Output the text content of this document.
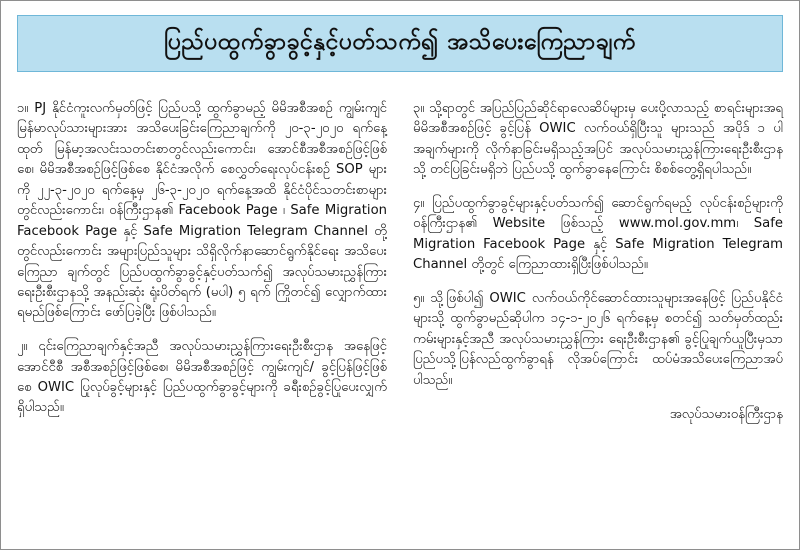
ပြည်ပထွက်ခွာခွင့်နှင့်ပတ်သက်၍ အသိပေးကြေညာချက်

၁။ PJ နိုင်ငံကူးလက်မှတ်ဖြင့် ပြည်ပသို့ ထွက်ခွာမည့် မိမိအစီအစဉ် ကျွမ်းကျင်မြန်မာလုပ်သားများအား အသိပေးခြင်းကြေညာချက်ကို ၂၀-၃-၂၀၂၀ ရက်နေ့ထုတ် မြန်မာ့အလင်းသတင်းစာတွင်လည်းကောင်း၊ အောင်စီအစီအစဉ်ဖြင့်ဖြစ်စေ၊ မိမိအစီအစဉ်ဖြင့်ဖြစ်စေ နိုင်ငံအလိုက် စေလွှတ်ရေးလုပ်ငန်းစဉ် SOP များကို ၂၂-၃-၂၀၂၀ ရက်နေ့မှ ၂၆-၃-၂၀၂၀ ရက်နေ့အထိ နိုင်ငံပိုင်သတင်းစာများတွင်လည်းကောင်း၊ ဝန်ကြီးဌာန၏ Facebook Page ၊ Safe Migration Facebook Page နှင့် Safe Migration Telegram Channel တို့တွင်လည်းကောင်း အများပြည်သူများ သိရှိလိုက်နာဆောင်ရွက်နိုင်ရေး အသိပေးကြေညာ ချက်တွင် ပြည်ပထွက်ခွာခွင့်နှင့်ပတ်သက်၍ အလုပ်သမားညွှန်ကြား ရေးဦးစီးဌာနသို့ အနည်းဆုံး ရုံးပိတ်ရက် (မပါ) ၅ ရက် ကြိုတင်၍ လျှောက်ထားရမည်ဖြစ်ကြောင်း ဖော်ပြခဲ့ပြီး ဖြစ်ပါသည်။

၂။ ၎င်းကြေညာချက်နှင့်အညီ အလုပ်သမားညွှန်ကြားရေးဦးစီးဌာန အနေဖြင့် အောင်ငီစီ အစီအစဉ်ဖြင့်ဖြစ်စေ၊ မိမိအစီအစဉ်ဖြင့် ကျွမ်းကျင်/ ခွင့်ပြန်ဖြင့်ဖြစ်စေ OWIC ပြုလုပ်ခွင့်များနှင့် ပြည်ပထွက်ခွာခွင့်များကို ခရီးစဉ်ခွင့်ပြုပေးလျှက်ရှိပါသည်။

၃။ သို့ရာတွင် အပြည်ပြည်ဆိုင်ရာလေဆိပ်များမှ ပေးပို့လာသည့် စာရင်းများအရ မိမိအစီအစဉ်ဖြင့် ခွင့်ပြန် OWIC လက်ဝယ်ရှိပြီးသူ များသည် အပိုဒ် ၁ ပါအချက်များကို လိုက်နာခြင်းမရှိသည့်အပြင် အလုပ်သမားညွှန်ကြားရေးဦးစီးဌာနသို့ တင်ပြခြင်းမရှိဘဲ ပြည်ပသို့ ထွက်ခွာနေကြောင်း စိစစ်တွေ့ရှိရပါသည်။

၄။ ပြည်ပထွက်ခွာခွင့်များနှင့်ပတ်သက်၍ ဆောင်ရွက်ရမည့် လုပ်ငန်းစဉ်များကို ဝန်ကြီးဌာန၏ Website ဖြစ်သည့် www.mol.gov.mm၊ Safe Migration Facebook Page နှင့် Safe Migration Telegram Channel တို့တွင် ကြေညာထားရှိပြီးဖြစ်ပါသည်။

၅။ သို့ဖြစ်ပါ၍ OWIC လက်ဝယ်ကိုင်ဆောင်ထားသူများအနေဖြင့် ပြည်ပနိုင်ငံများသို့ ထွက်ခွာမည်ဆိုပါက ၁၄-၁-၂၀၂၆ ရက်နေ့မှ စတင်၍ သတ်မှတ်ထည်းကမ်းများနှင့်အညီ အလုပ်သမားညွှန်ကြား ရေးဦးစီးဌာန၏ ခွင့်ပြုချက်ယူပြီးမှသာ ပြည်ပသို့ပြန်လည်ထွက်ခွာရန် လိုအပ်ကြောင်း ထပ်မံအသိပေးကြေညာအပ်ပါသည်။

အလုပ်သမားဝန်ကြီးဌာန
